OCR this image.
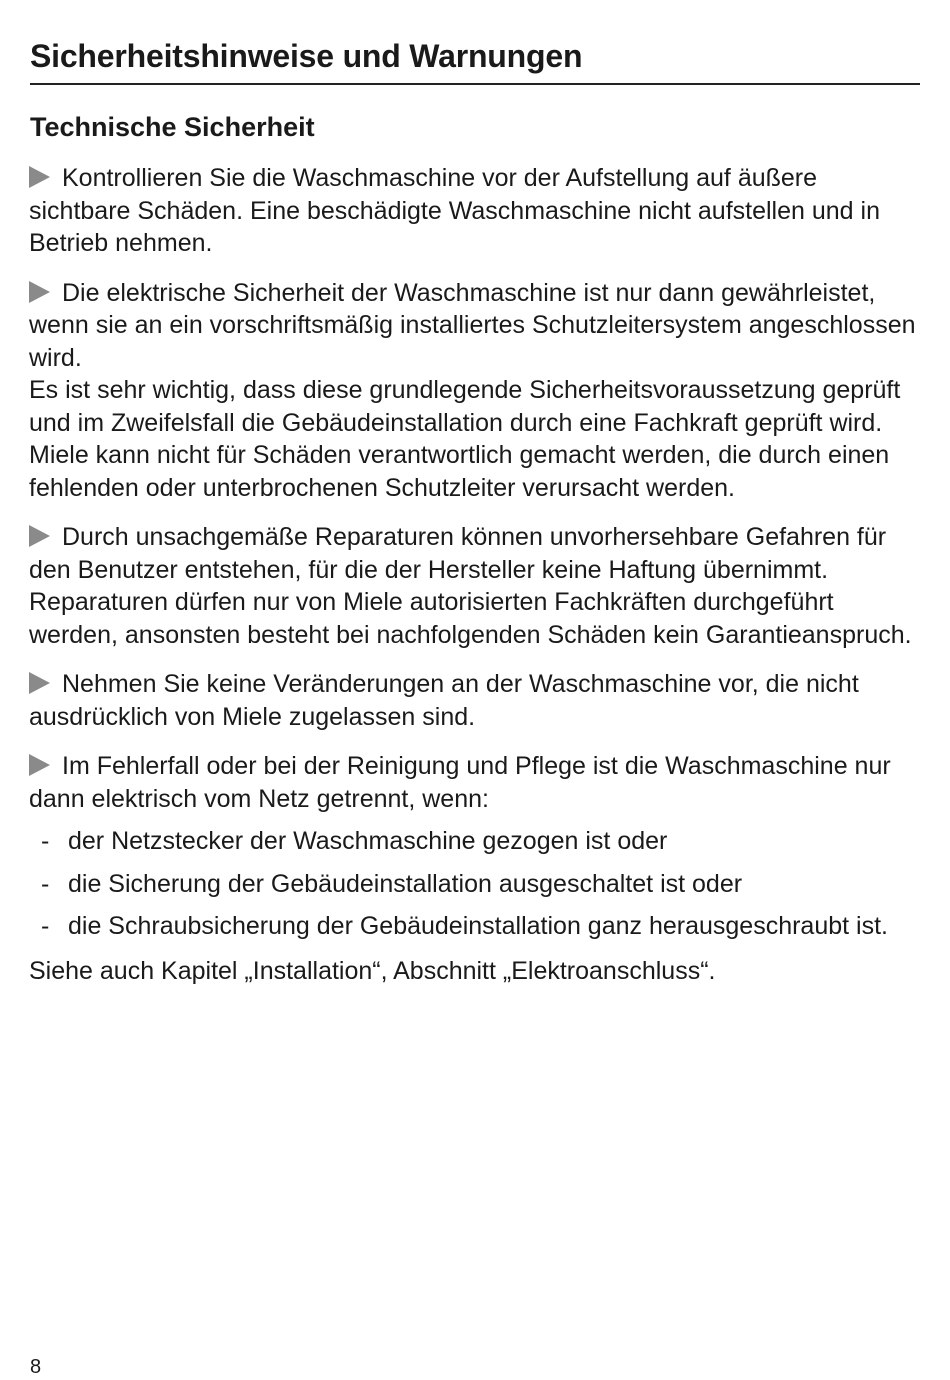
Sicherheitshinweise und Warnungen
Technische Sicherheit

Kontrollieren Sie die Waschmaschine vor der Aufstellung auf äußere sichtbare Schäden. Eine beschädigte Waschmaschine nicht aufstellen und in Betrieb nehmen.

Die elektrische Sicherheit der Waschmaschine ist nur dann gewährleistet, wenn sie an ein vorschriftsmäßig installiertes Schutzleitersystem angeschlossen wird.

Es ist sehr wichtig, dass diese grundlegende Sicherheitsvoraussetzung geprüft und im Zweifelsfall die Gebäudeinstallation durch eine Fachkraft geprüft wird.

Miele kann nicht für Schäden verantwortlich gemacht werden, die durch einen fehlenden oder unterbrochenen Schutzleiter verursacht werden.

Durch unsachgemäße Reparaturen können unvorhersehbare Gefahren für den Benutzer entstehen, für die der Hersteller keine Haftung übernimmt. Reparaturen dürfen nur von Miele autorisierten Fachkräften durchgeführt werden, ansonsten besteht bei nachfolgenden Schäden kein Garantieanspruch.

Nehmen Sie keine Veränderungen an der Waschmaschine vor, die nicht ausdrücklich von Miele zugelassen sind.

Im Fehlerfall oder bei der Reinigung und Pflege ist die Waschmaschine nur dann elektrisch vom Netz getrennt, wenn:

- der Netzstecker der Waschmaschine gezogen ist oder
- die Sicherung der Gebäudeinstallation ausgeschaltet ist oder
- die Schraubsicherung der Gebäudeinstallation ganz herausgeschraubt ist.

Siehe auch Kapitel „Installation“, Abschnitt „Elektroanschluss“.

8
